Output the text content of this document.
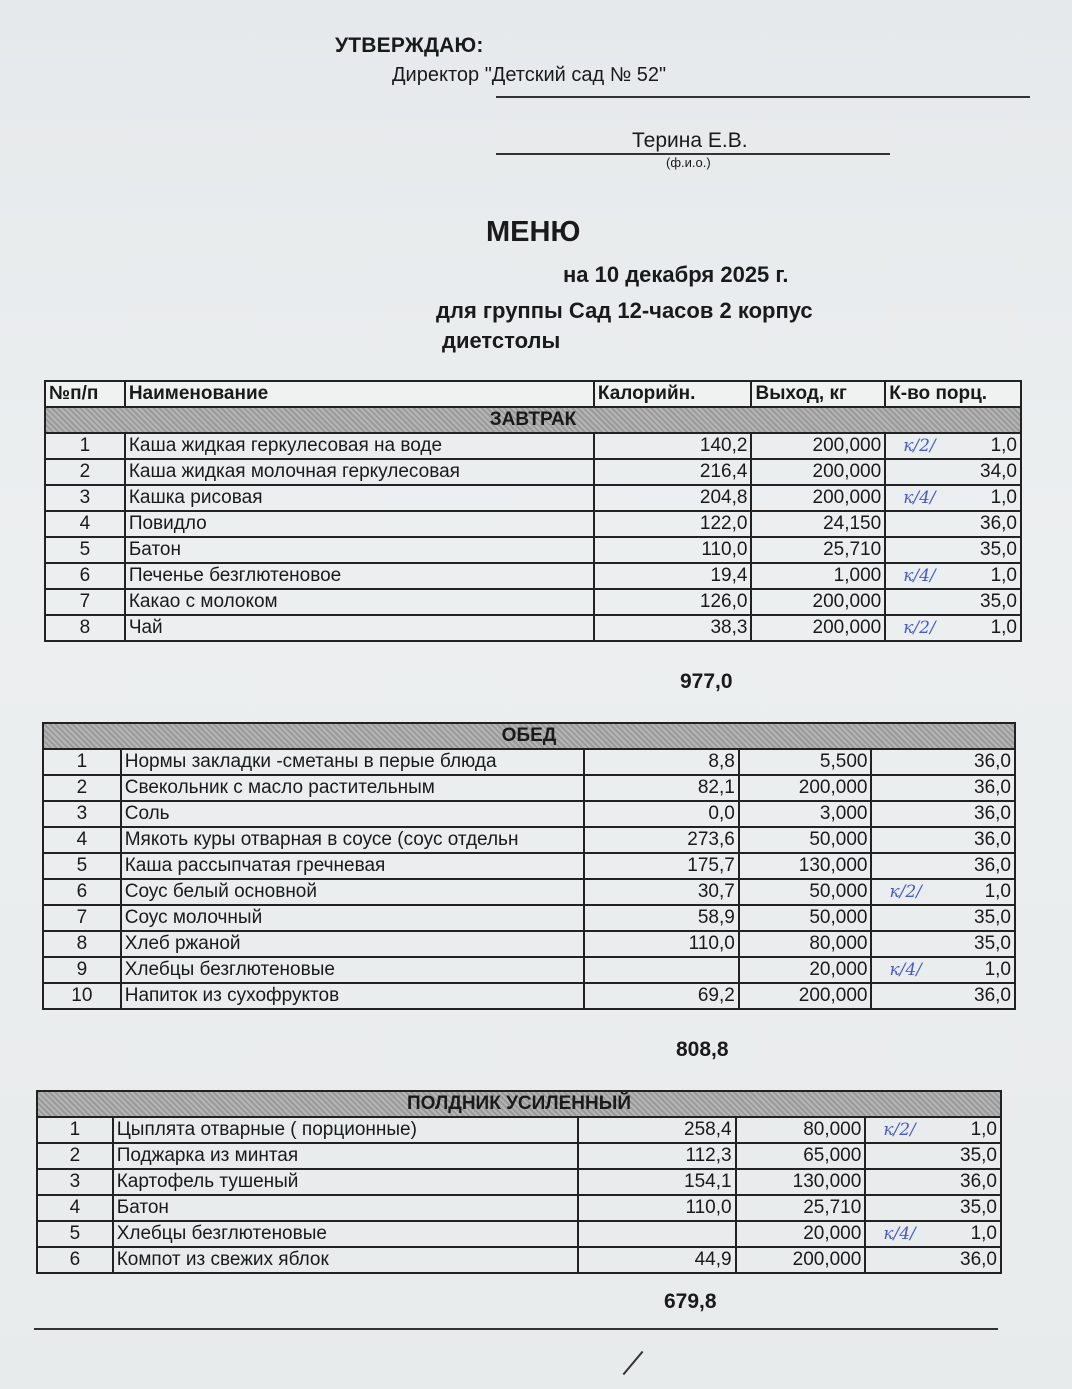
УТВЕРЖДАЮ:
Директор "Детский сад № 52"
Терина Е.В.
(ф.и.о.)
МЕНЮ
на 10 декабря 2025 г.
для группы Сад 12-часов 2 корпус
диетстолы
№п/п	Наименование	Калорийн.	Выход, кг	К-во порц.
ЗАВТРАК				
1	Каша жидкая геркулесовая на воде	140,2	200,000	к/2/ 1,0
2	Каша жидкая молочная геркулесовая	216,4	200,000	34,0
3	Кашка рисовая	204,8	200,000	к/4/ 1,0
4	Повидло	122,0	24,150	36,0
5	Батон	110,0	25,710	35,0
6	Печенье безглютеновое	19,4	1,000	к/4/ 1,0
7	Какао с молоком	126,0	200,000	35,0
8	Чай	38,3	200,000	к/2/ 1,0
977,0
ОБЕД				
1	Нормы закладки -сметаны в перые блюда	8,8	5,500	36,0
2	Свекольник с масло растительным	82,1	200,000	36,0
3	Соль	0,0	3,000	36,0
4	Мякоть куры отварная в соусе (соус отдельн	273,6	50,000	36,0
5	Каша рассыпчатая гречневая	175,7	130,000	36,0
6	Соус белый основной	30,7	50,000	к/2/ 1,0
7	Соус молочный	58,9	50,000	35,0
8	Хлеб ржаной	110,0	80,000	35,0
9	Хлебцы безглютеновые		20,000	к/4/ 1,0
10	Напиток из сухофруктов	69,2	200,000	36,0
808,8
ПОЛДНИК УСИЛЕННЫЙ				
1	Цыплята отварные ( порционные)	258,4	80,000	к/2/ 1,0
2	Поджарка из минтая	112,3	65,000	35,0
3	Картофель тушеный	154,1	130,000	36,0
4	Батон	110,0	25,710	35,0
5	Хлебцы безглютеновые		20,000	к/4/ 1,0
6	Компот из свежих яблок	44,9	200,000	36,0
679,8
